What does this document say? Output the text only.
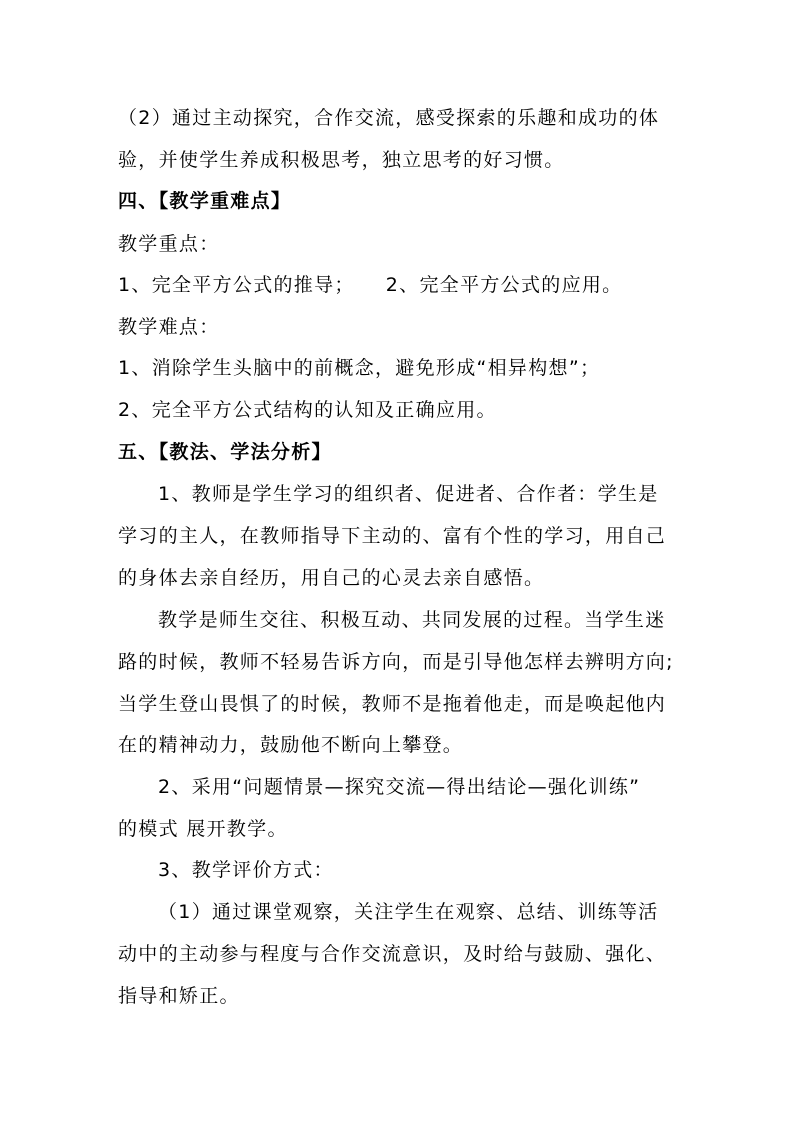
（2）通过主动探究，合作交流，感受探索的乐趣和成功的体
验，并使学生养成积极思考，独立思考的好习惯。
四、【教学重难点】
教学重点：
1、完全平方公式的推导；　　2、完全平方公式的应用。
教学难点：
1、消除学生头脑中的前概念，避免形成“相异构想”；
2、完全平方公式结构的认知及正确应用。
五、【教法、学法分析】
1、教师是学生学习的组织者、促进者、合作者：学生是
学习的主人，在教师指导下主动的、富有个性的学习，用自己
的身体去亲自经历，用自己的心灵去亲自感悟。
教学是师生交往、积极互动、共同发展的过程。当学生迷
路的时候，教师不轻易告诉方向，而是引导他怎样去辨明方向;
当学生登山畏惧了的时候，教师不是拖着他走，而是唤起他内
在的精神动力，鼓励他不断向上攀登。
2、采用“问题情景—探究交流—得出结论—强化训练”
的模式 展开教学。
3、教学评价方式：
（1）通过课堂观察，关注学生在观察、总结、训练等活
动中的主动参与程度与合作交流意识，及时给与鼓励、强化、
指导和矫正。
